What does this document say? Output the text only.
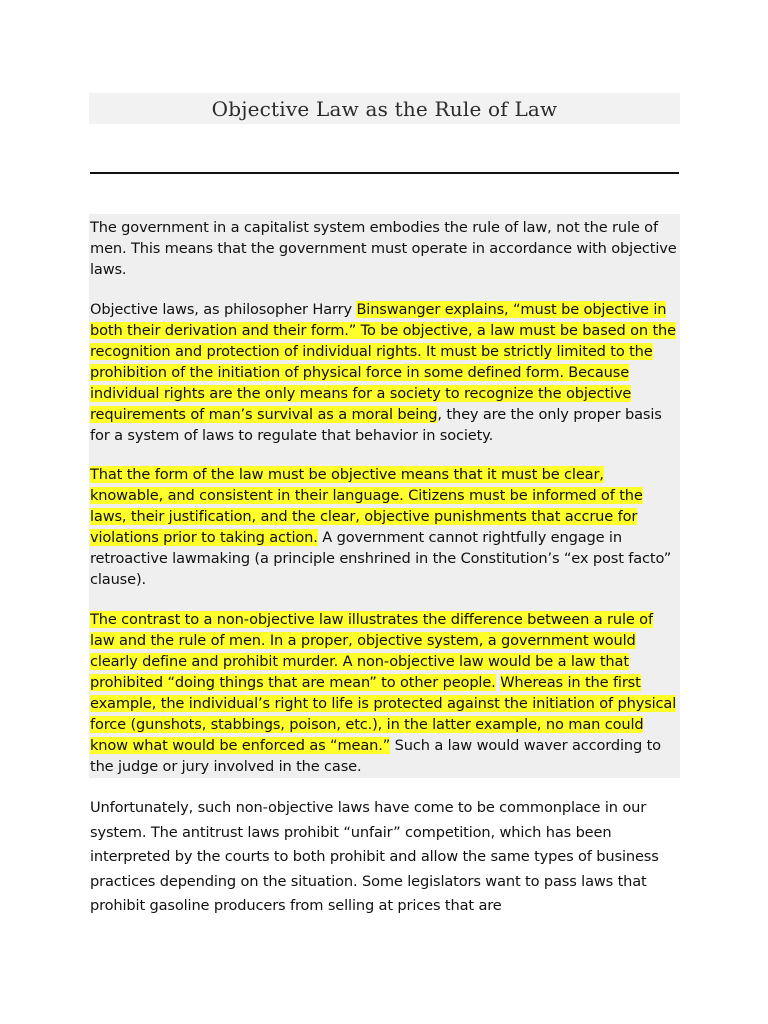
Objective Law as the Rule of Law

The government in a capitalist system embodies the rule of law, not the rule of men. This means that the government must operate in accordance with objective laws.

Objective laws, as philosopher Harry Binswanger explains, “must be objective in both their derivation and their form.” To be objective, a law must be based on the recognition and protection of individual rights. It must be strictly limited to the prohibition of the initiation of physical force in some defined form. Because individual rights are the only means for a society to recognize the objective requirements of man’s survival as a moral being, they are the only proper basis for a system of laws to regulate that behavior in society.

That the form of the law must be objective means that it must be clear, knowable, and consistent in their language. Citizens must be informed of the laws, their justification, and the clear, objective punishments that accrue for violations prior to taking action. A government cannot rightfully engage in retroactive lawmaking (a principle enshrined in the Constitution’s “ex post facto” clause).

The contrast to a non-objective law illustrates the difference between a rule of law and the rule of men. In a proper, objective system, a government would clearly define and prohibit murder. A non-objective law would be a law that prohibited “doing things that are mean” to other people. Whereas in the first example, the individual’s right to life is protected against the initiation of physical force (gunshots, stabbings, poison, etc.), in the latter example, no man could know what would be enforced as “mean.” Such a law would waver according to the judge or jury involved in the case.

Unfortunately, such non-objective laws have come to be commonplace in our system. The antitrust laws prohibit “unfair” competition, which has been interpreted by the courts to both prohibit and allow the same types of business practices depending on the situation. Some legislators want to pass laws that prohibit gasoline producers from selling at prices that are
